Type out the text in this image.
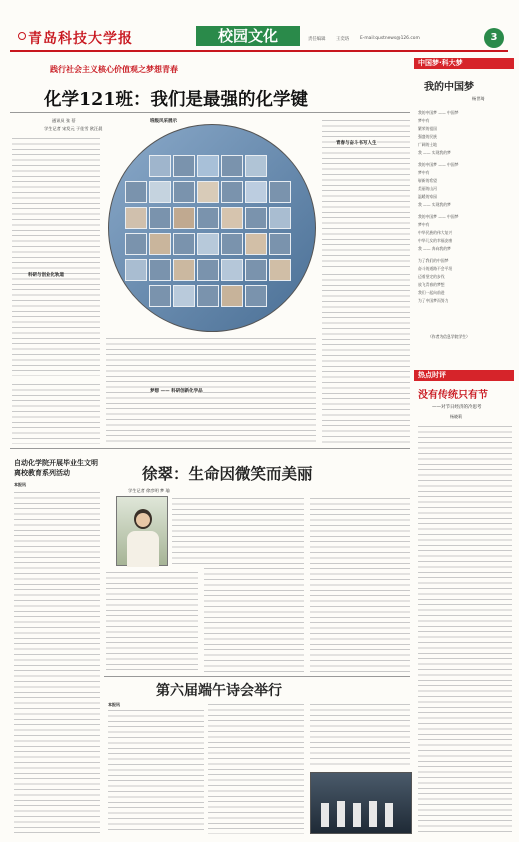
青岛科技大学报	校园文化	责任编辑 王奕珞 E-mail:qustnews@126.com	3
践行社会主义核心价值观之梦想青春
化学121班：我们是最强的化学键
通讯员 张 蓓
学生记者 宋发元 于佳雪 欧汪晨
科研与创业化轨道
班级风采展示
青春与奋斗书写人生
梦想 —— 科研创新化学品
中国梦·科大梦
我的中国梦
杨世琦
我的中国梦 —— 中国梦
梦中有
繁荣的祖国
强盛的民族
广阔的土地
我 —— 实现我的梦

我的中国梦 —— 中国梦
梦中有
崭新的希望
美丽的山河
温暖的家园
我 —— 实现我的梦

我的中国梦 —— 中国梦
梦中有
中华民族的伟大复兴
中华儿女的幸福安康
我 —— 奔向我的梦

为了我们的中国梦
奋斗的道路不会平坦
迈着坚定的步伐
放飞青春的梦想
我们一起向前进
为了中国梦而努力
（作者为信息学院学生）
热点时评
没有传统只有节
——对节日经济的冷思考
杨晓莉
自动化学院开展毕业生文明离校教育系列活动
本报讯
徐翠：生命因微笑而美丽
学生记者 徐彦明 梦 瑜
第六届端午诗会举行
本报讯
